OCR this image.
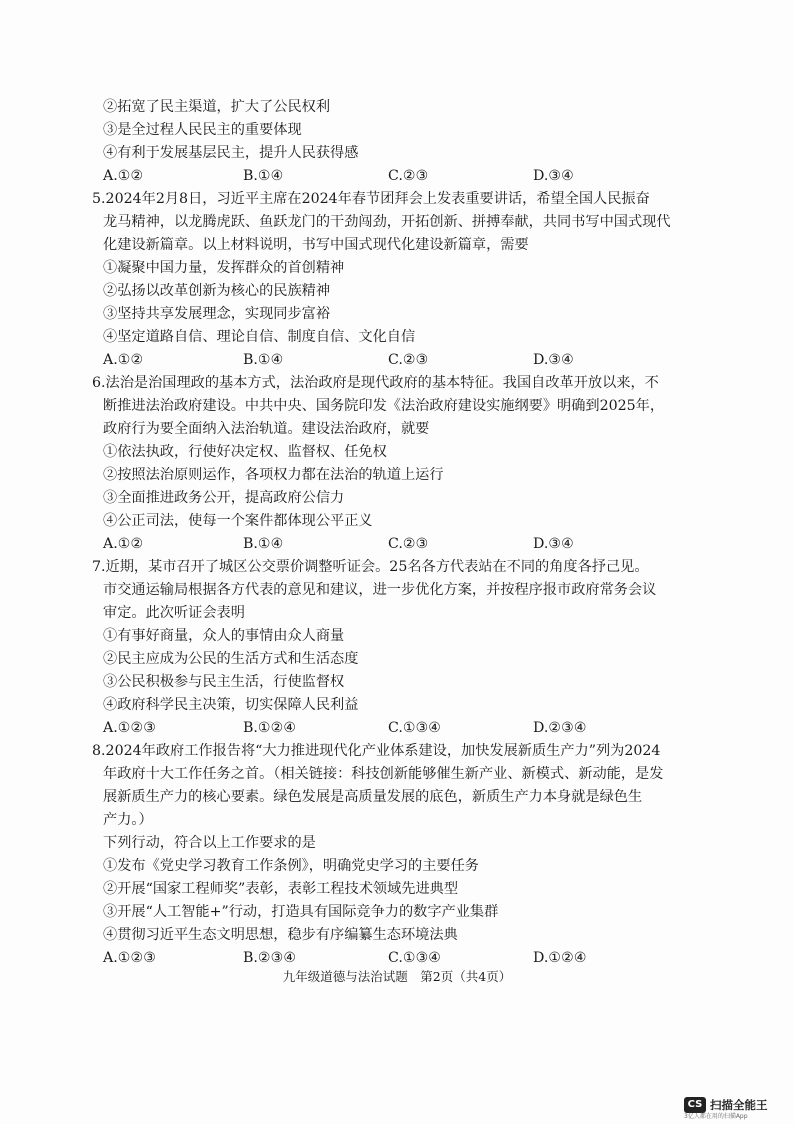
②拓宽了民主渠道，扩大了公民权利
③是全过程人民民主的重要体现
④有利于发展基层民主，提升人民获得感
A.①②	B.①④	C.②③	D.③④
5.2024年2月8日，习近平主席在2024年春节团拜会上发表重要讲话，希望全国人民振奋
龙马精神，以龙腾虎跃、鱼跃龙门的干劲闯劲，开拓创新、拼搏奉献，共同书写中国式现代
化建设新篇章。以上材料说明，书写中国式现代化建设新篇章，需要
①凝聚中国力量，发挥群众的首创精神
②弘扬以改革创新为核心的民族精神
③坚持共享发展理念，实现同步富裕
④坚定道路自信、理论自信、制度自信、文化自信
A.①②	B.①④	C.②③	D.③④
6.法治是治国理政的基本方式，法治政府是现代政府的基本特征。我国自改革开放以来，不
断推进法治政府建设。中共中央、国务院印发《法治政府建设实施纲要》明确到2025年，
政府行为要全面纳入法治轨道。建设法治政府，就要
①依法执政，行使好决定权、监督权、任免权
②按照法治原则运作，各项权力都在法治的轨道上运行
③全面推进政务公开，提高政府公信力
④公正司法，使每一个案件都体现公平正义
A.①②	B.①④	C.②③	D.③④
7.近期，某市召开了城区公交票价调整听证会。25名各方代表站在不同的角度各抒己见。
市交通运输局根据各方代表的意见和建议，进一步优化方案，并按程序报市政府常务会议
审定。此次听证会表明
①有事好商量，众人的事情由众人商量
②民主应成为公民的生活方式和生活态度
③公民积极参与民主生活，行使监督权
④政府科学民主决策，切实保障人民利益
A.①②③	B.①②④	C.①③④	D.②③④
8.2024年政府工作报告将“大力推进现代化产业体系建设，加快发展新质生产力”列为2024
年政府十大工作任务之首。（相关链接：科技创新能够催生新产业、新模式、新动能，是发
展新质生产力的核心要素。绿色发展是高质量发展的底色，新质生产力本身就是绿色生
产力。）
下列行动，符合以上工作要求的是
①发布《党史学习教育工作条例》，明确党史学习的主要任务
②开展“国家工程师奖”表彰，表彰工程技术领域先进典型
③开展“人工智能+”行动，打造具有国际竞争力的数字产业集群
④贯彻习近平生态文明思想，稳步有序编纂生态环境法典
A.①②③	B.②③④	C.①③④	D.①②④
九年级道德与法治试题　第2页（共4页）
CS 扫描全能王
3亿人都在用的扫描App
